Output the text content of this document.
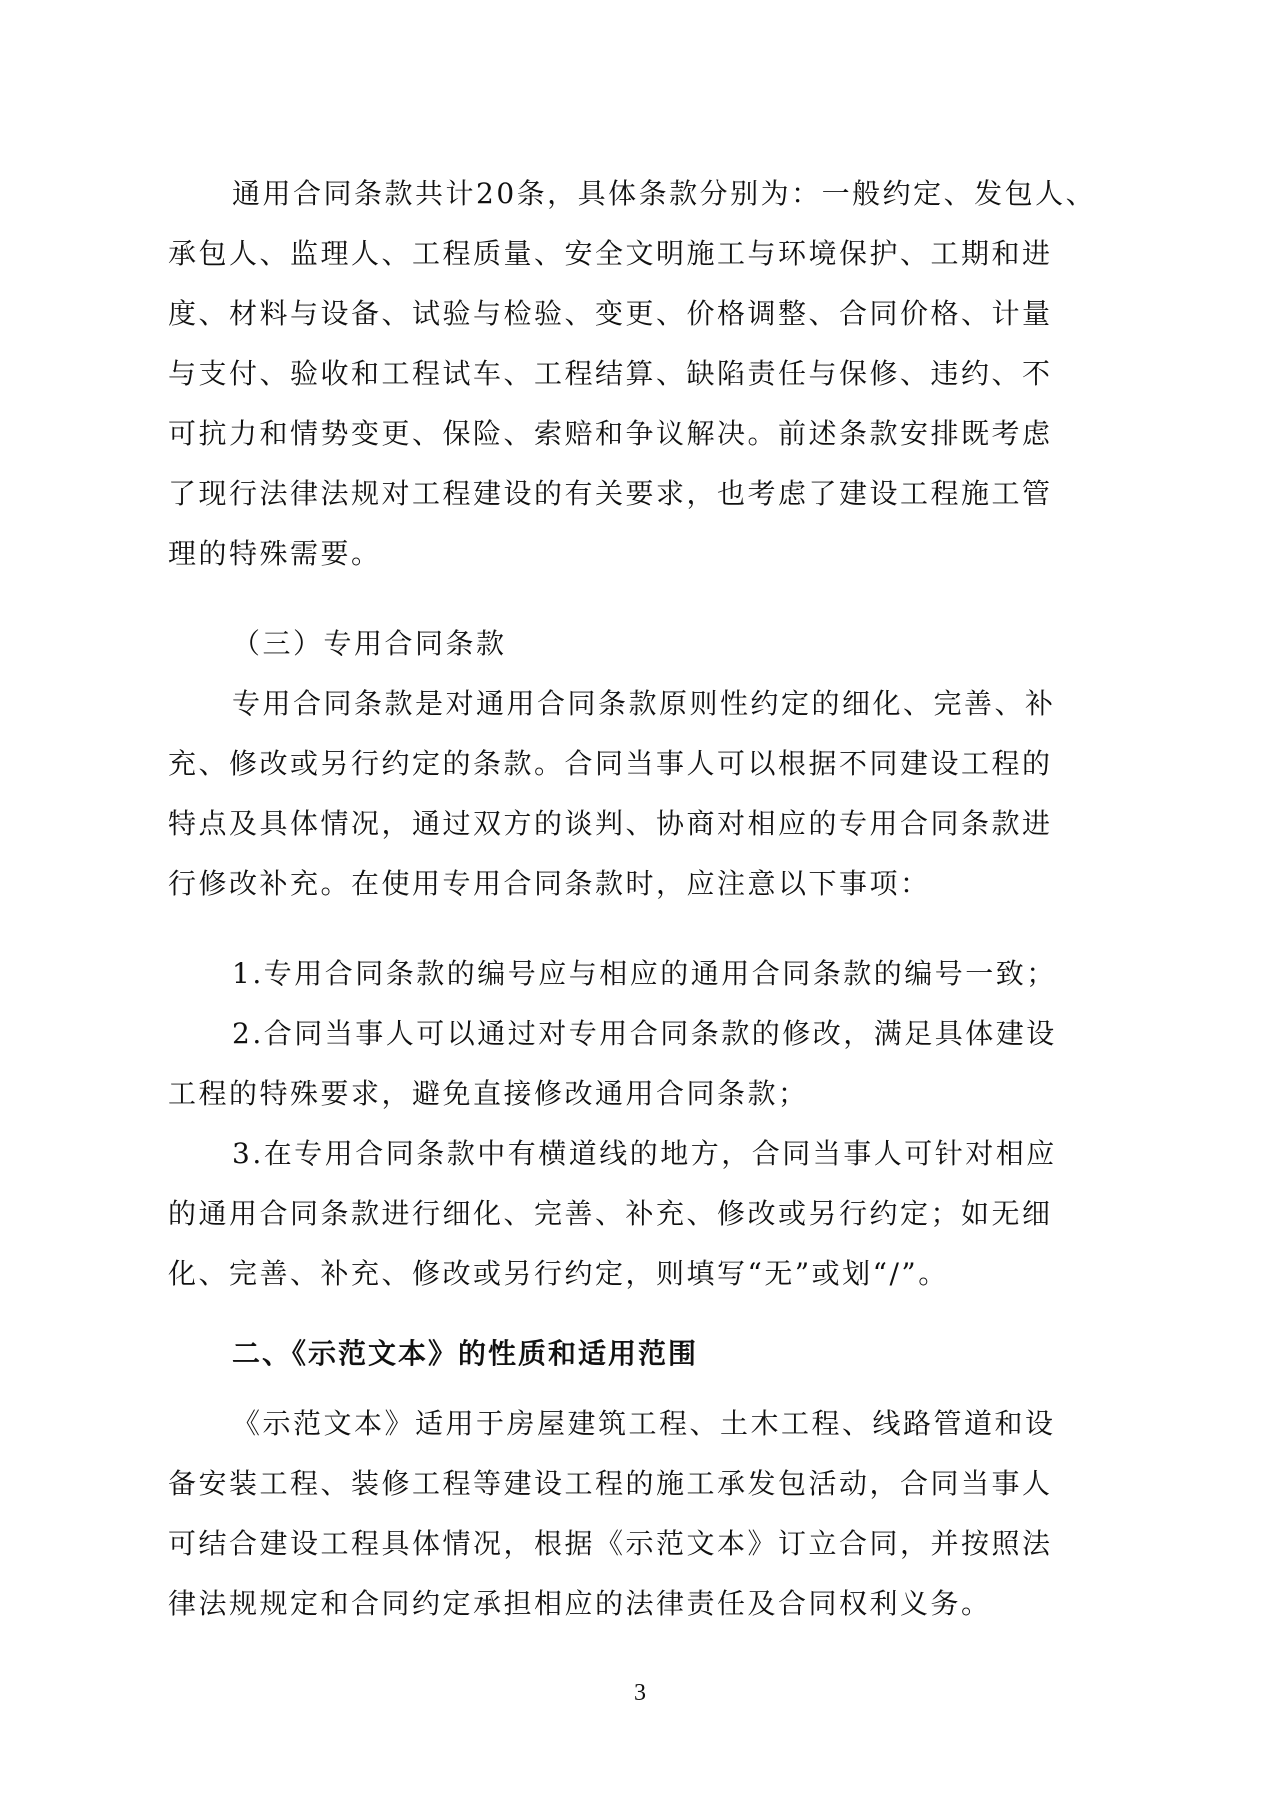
通用合同条款共计20条，具体条款分别为：一般约定、发包人、
承包人、监理人、工程质量、安全文明施工与环境保护、工期和进
度、材料与设备、试验与检验、变更、价格调整、合同价格、计量
与支付、验收和工程试车、工程结算、缺陷责任与保修、违约、不
可抗力和情势变更、保险、索赔和争议解决。前述条款安排既考虑
了现行法律法规对工程建设的有关要求，也考虑了建设工程施工管
理的特殊需要。
（三）专用合同条款
专用合同条款是对通用合同条款原则性约定的细化、完善、补
充、修改或另行约定的条款。合同当事人可以根据不同建设工程的
特点及具体情况，通过双方的谈判、协商对相应的专用合同条款进
行修改补充。在使用专用合同条款时，应注意以下事项：
1.专用合同条款的编号应与相应的通用合同条款的编号一致；
2.合同当事人可以通过对专用合同条款的修改，满足具体建设
工程的特殊要求，避免直接修改通用合同条款；
3.在专用合同条款中有横道线的地方，合同当事人可针对相应
的通用合同条款进行细化、完善、补充、修改或另行约定；如无细
化、完善、补充、修改或另行约定，则填写“无”或划“/”。
二、《示范文本》的性质和适用范围
《示范文本》适用于房屋建筑工程、土木工程、线路管道和设
备安装工程、装修工程等建设工程的施工承发包活动，合同当事人
可结合建设工程具体情况，根据《示范文本》订立合同，并按照法
律法规规定和合同约定承担相应的法律责任及合同权利义务。
3
